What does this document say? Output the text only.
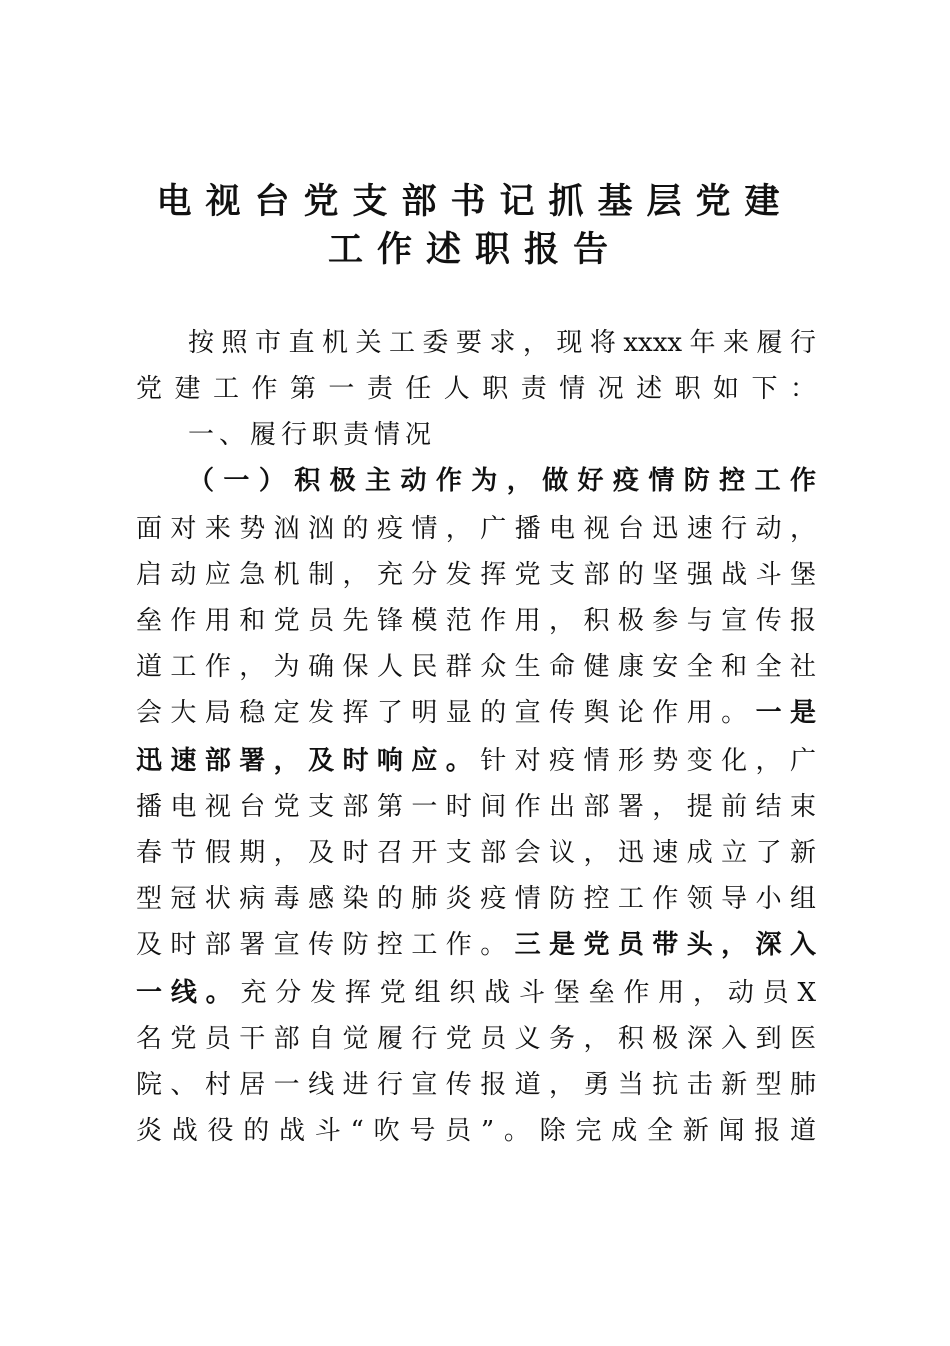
电视台党支部书记抓基层党建
工作述职报告
按照市直机关工委要求，现将xxxx年来履行
党建工作第一责任人职责情况述职如下：
一、履行职责情况
（一）积极主动作为，做好疫情防控工作
面对来势汹汹的疫情，广播电视台迅速行动，
启动应急机制，充分发挥党支部的坚强战斗堡
垒作用和党员先锋模范作用，积极参与宣传报
道工作，为确保人民群众生命健康安全和全社
会大局稳定发挥了明显的宣传舆论作用。一是
迅速部署，及时响应。针对疫情形势变化，广
播电视台党支部第一时间作出部署，提前结束
春节假期，及时召开支部会议，迅速成立了新
型冠状病毒感染的肺炎疫情防控工作领导小组
及时部署宣传防控工作。三是党员带头，深入
一线。充分发挥党组织战斗堡垒作用，动员X
名党员干部自觉履行党员义务，积极深入到医
院、村居一线进行宣传报道，勇当抗击新型肺
炎战役的战斗“吹号员”。除完成全新闻报道
